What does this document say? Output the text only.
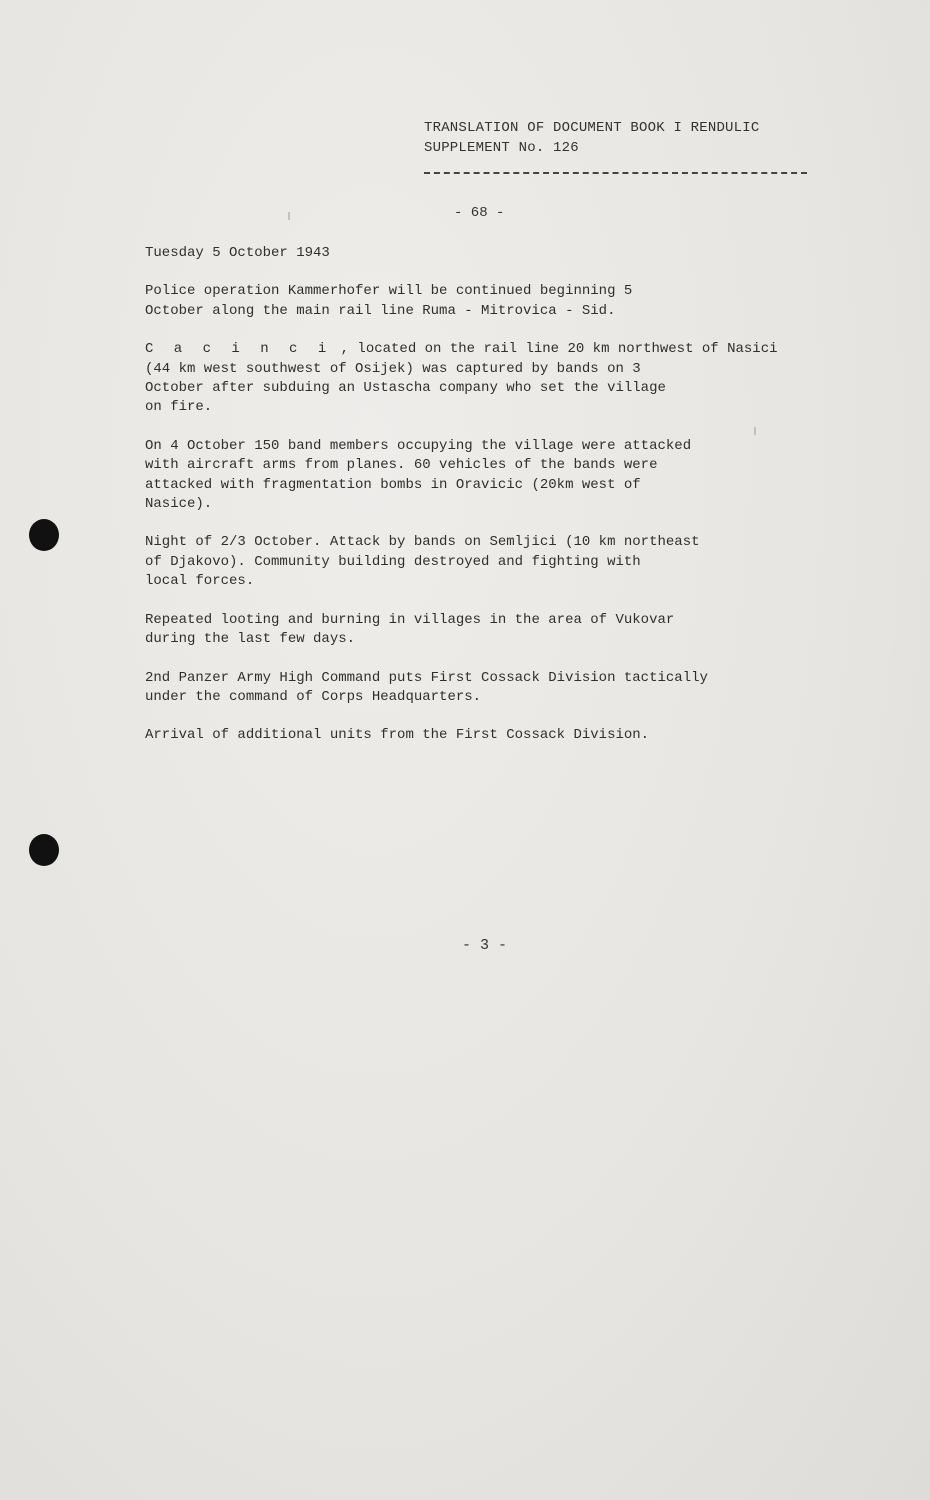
TRANSLATION OF DOCUMENT BOOK I RENDULIC
SUPPLEMENT No. 126
- 68 -
Tuesday 5 October 1943

Police operation Kammerhofer will be continued beginning 5
October along the main rail line Ruma - Mitrovica - Sid.

C a c i n c i , located on the rail line 20 km northwest of Nasici
(44 km west southwest of Osijek) was captured by bands on 3
October after subduing an Ustascha company who set the village
on fire.

On 4 October 150 band members occupying the village were attacked
with aircraft arms from planes. 60 vehicles of the bands were
attacked with fragmentation bombs in Oravicic (20km west of
Nasice).

Night of 2/3 October. Attack by bands on Semljici (10 km northeast
of Djakovo). Community building destroyed and fighting with
local forces.

Repeated looting and burning in villages in the area of Vukovar
during the last few days.

2nd Panzer Army High Command puts First Cossack Division tactically
under the command of Corps Headquarters.

Arrival of additional units from the First Cossack Division.

- 3 -
